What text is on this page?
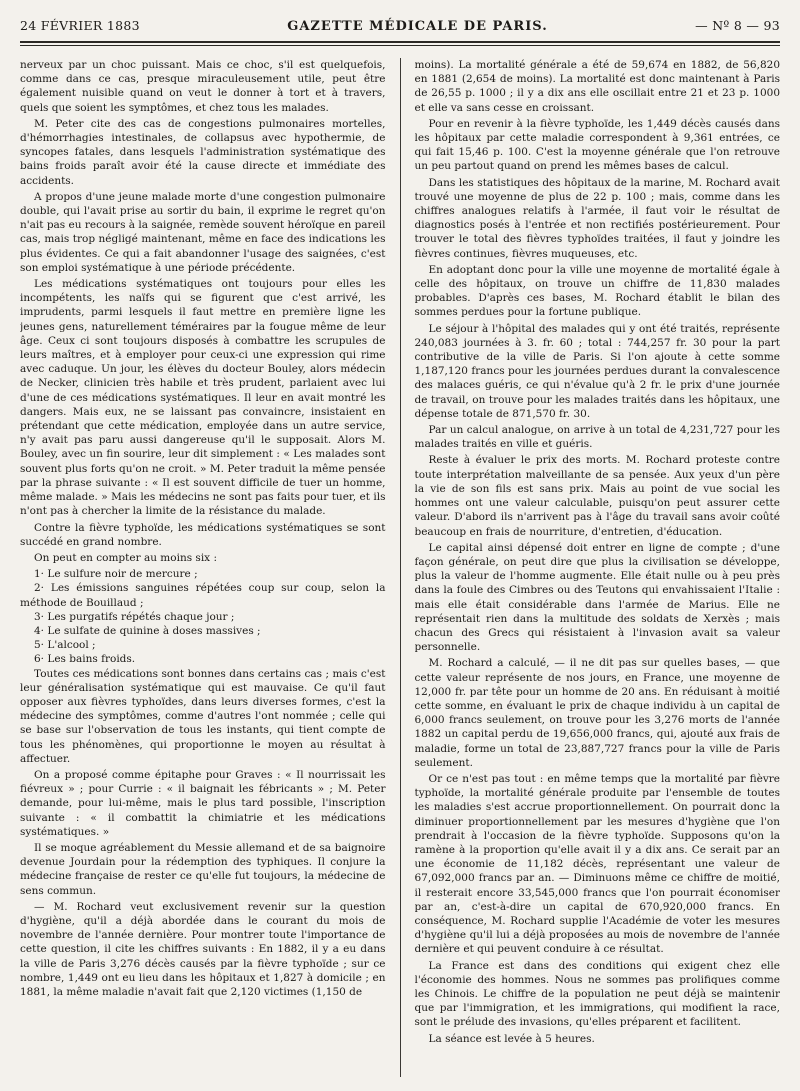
24 FÉVRIER 1883	GAZETTE MÉDICALE DE PARIS.	— Nº 8 — 93

nerveux par un choc puissant. Mais ce choc, s'il est quelquefois, comme dans ce cas, presque miraculeusement utile, peut être également nuisible quand on veut le donner à tort et à travers, quels que soient les symptômes, et chez tous les malades.

M. Peter cite des cas de congestions pulmonaires mortelles, d'hémorrhagies intestinales, de collapsus avec hypothermie, de syncopes fatales, dans lesquels l'administration systématique des bains froids paraît avoir été la cause directe et immédiate des accidents.

A propos d'une jeune malade morte d'une congestion pulmonaire double, qui l'avait prise au sortir du bain, il exprime le regret qu'on n'ait pas eu recours à la saignée, remède souvent héroïque en pareil cas, mais trop négligé maintenant, même en face des indications les plus évidentes. Ce qui a fait abandonner l'usage des saignées, c'est son emploi systématique à une période précédente.

Les médications systématiques ont toujours pour elles les incompétents, les naïfs qui se figurent que c'est arrivé, les imprudents, parmi lesquels il faut mettre en première ligne les jeunes gens, naturellement téméraires par la fougue même de leur âge. Ceux ci sont toujours disposés à combattre les scrupules de leurs maîtres, et à employer pour ceux-ci une expression qui rime avec caduque. Un jour, les élèves du docteur Bouley, alors médecin de Necker, clinicien très habile et très prudent, parlaient avec lui d'une de ces médications systématiques. Il leur en avait montré les dangers. Mais eux, ne se laissant pas convaincre, insistaient en prétendant que cette médication, employée dans un autre service, n'y avait pas paru aussi dangereuse qu'il le supposait. Alors M. Bouley, avec un fin sourire, leur dit simplement : « Les malades sont souvent plus forts qu'on ne croit. » M. Peter traduit la même pensée par la phrase suivante : « Il est souvent difficile de tuer un homme, même malade. » Mais les médecins ne sont pas faits pour tuer, et ils n'ont pas à chercher la limite de la résistance du malade.

Contre la fièvre typhoïde, les médications systématiques se sont succédé en grand nombre.

On peut en compter au moins six :

1· Le sulfure noir de mercure ;

2· Les émissions sanguines répétées coup sur coup, selon la méthode de Bouillaud ;

3· Les purgatifs répétés chaque jour ;

4· Le sulfate de quinine à doses massives ;

5· L'alcool ;

6· Les bains froids.

Toutes ces médications sont bonnes dans certains cas ; mais c'est leur généralisation systématique qui est mauvaise. Ce qu'il faut opposer aux fièvres typhoïdes, dans leurs diverses formes, c'est la médecine des symptômes, comme d'autres l'ont nommée ; celle qui se base sur l'observation de tous les instants, qui tient compte de tous les phénomènes, qui proportionne le moyen au résultat à affectuer.

On a proposé comme épitaphe pour Graves : « Il nourrissait les fiévreux » ; pour Currie : « il baignait les fébricants » ; M. Peter demande, pour lui-même, mais le plus tard possible, l'inscription suivante : « il combattit la chimiatrie et les médications systématiques. »

Il se moque agréablement du Messie allemand et de sa baignoire devenue Jourdain pour la rédemption des typhiques. Il conjure la médecine française de rester ce qu'elle fut toujours, la médecine de sens commun.

— M. Rochard veut exclusivement revenir sur la question d'hygiène, qu'il a déjà abordée dans le courant du mois de novembre de l'année dernière. Pour montrer toute l'importance de cette question, il cite les chiffres suivants : En 1882, il y a eu dans la ville de Paris 3,276 décès causés par la fièvre typhoïde ; sur ce nombre, 1,449 ont eu lieu dans les hôpitaux et 1,827 à domicile ; en 1881, la même maladie n'avait fait que 2,120 victimes (1,150 de

moins). La mortalité générale a été de 59,674 en 1882, de 56,820 en 1881 (2,654 de moins). La mortalité est donc maintenant à Paris de 26,55 p. 1000 ; il y a dix ans elle oscillait entre 21 et 23 p. 1000 et elle va sans cesse en croissant.

Pour en revenir à la fièvre typhoïde, les 1,449 décès causés dans les hôpitaux par cette maladie correspondent à 9,361 entrées, ce qui fait 15,46 p. 100. C'est la moyenne générale que l'on retrouve un peu partout quand on prend les mêmes bases de calcul.

Dans les statistiques des hôpitaux de la marine, M. Rochard avait trouvé une moyenne de plus de 22 p. 100 ; mais, comme dans les chiffres analogues relatifs à l'armée, il faut voir le résultat de diagnostics posés à l'entrée et non rectifiés postérieurement. Pour trouver le total des fièvres typhoïdes traitées, il faut y joindre les fièvres continues, fièvres muqueuses, etc.

En adoptant donc pour la ville une moyenne de mortalité égale à celle des hôpitaux, on trouve un chiffre de 11,830 malades probables. D'après ces bases, M. Rochard établit le bilan des sommes perdues pour la fortune publique.

Le séjour à l'hôpital des malades qui y ont été traités, représente 240,083 journées à 3. fr. 60 ; total : 744,257 fr. 30 pour la part contributive de la ville de Paris. Si l'on ajoute à cette somme 1,187,120 francs pour les journées perdues durant la convalescence des malaces guéris, ce qui n'évalue qu'à 2 fr. le prix d'une journée de travail, on trouve pour les malades traités dans les hôpitaux, une dépense totale de 871,570 fr. 30.

Par un calcul analogue, on arrive à un total de 4,231,727 pour les malades traités en ville et guéris.

Reste à évaluer le prix des morts. M. Rochard proteste contre toute interprétation malveillante de sa pensée. Aux yeux d'un père la vie de son fils est sans prix. Mais au point de vue social les hommes ont une valeur calculable, puisqu'on peut assurer cette valeur. D'abord ils n'arrivent pas à l'âge du travail sans avoir coûté beaucoup en frais de nourriture, d'entretien, d'éducation.

Le capital ainsi dépensé doit entrer en ligne de compte ; d'une façon générale, on peut dire que plus la civilisation se développe, plus la valeur de l'homme augmente. Elle était nulle ou à peu près dans la foule des Cimbres ou des Teutons qui envahissaient l'Italie : mais elle était considérable dans l'armée de Marius. Elle ne représentait rien dans la multitude des soldats de Xerxès ; mais chacun des Grecs qui résistaient à l'invasion avait sa valeur personnelle.

M. Rochard a calculé, — il ne dit pas sur quelles bases, — que cette valeur représente de nos jours, en France, une moyenne de 12,000 fr. par tête pour un homme de 20 ans. En réduisant à moitié cette somme, en évaluant le prix de chaque individu à un capital de 6,000 francs seulement, on trouve pour les 3,276 morts de l'année 1882 un capital perdu de 19,656,000 francs, qui, ajouté aux frais de maladie, forme un total de 23,887,727 francs pour la ville de Paris seulement.

Or ce n'est pas tout : en même temps que la mortalité par fièvre typhoïde, la mortalité générale produite par l'ensemble de toutes les maladies s'est accrue proportionnellement. On pourrait donc la diminuer proportionnellement par les mesures d'hygiène que l'on prendrait à l'occasion de la fièvre typhoïde. Supposons qu'on la ramène à la proportion qu'elle avait il y a dix ans. Ce serait par an une économie de 11,182 décès, représentant une valeur de 67,092,000 francs par an. — Diminuons même ce chiffre de moitié, il resterait encore 33,545,000 francs que l'on pourrait économiser par an, c'est-à-dire un capital de 670,920,000 francs. En conséquence, M. Rochard supplie l'Académie de voter les mesures d'hygiène qu'il lui a déjà proposées au mois de novembre de l'année dernière et qui peuvent conduire à ce résultat.

La France est dans des conditions qui exigent chez elle l'économie des hommes. Nous ne sommes pas prolifiques comme les Chinois. Le chiffre de la population ne peut déjà se maintenir que par l'immigration, et les immigrations, qui modifient la race, sont le prélude des invasions, qu'elles préparent et facilitent.

La séance est levée à 5 heures.
